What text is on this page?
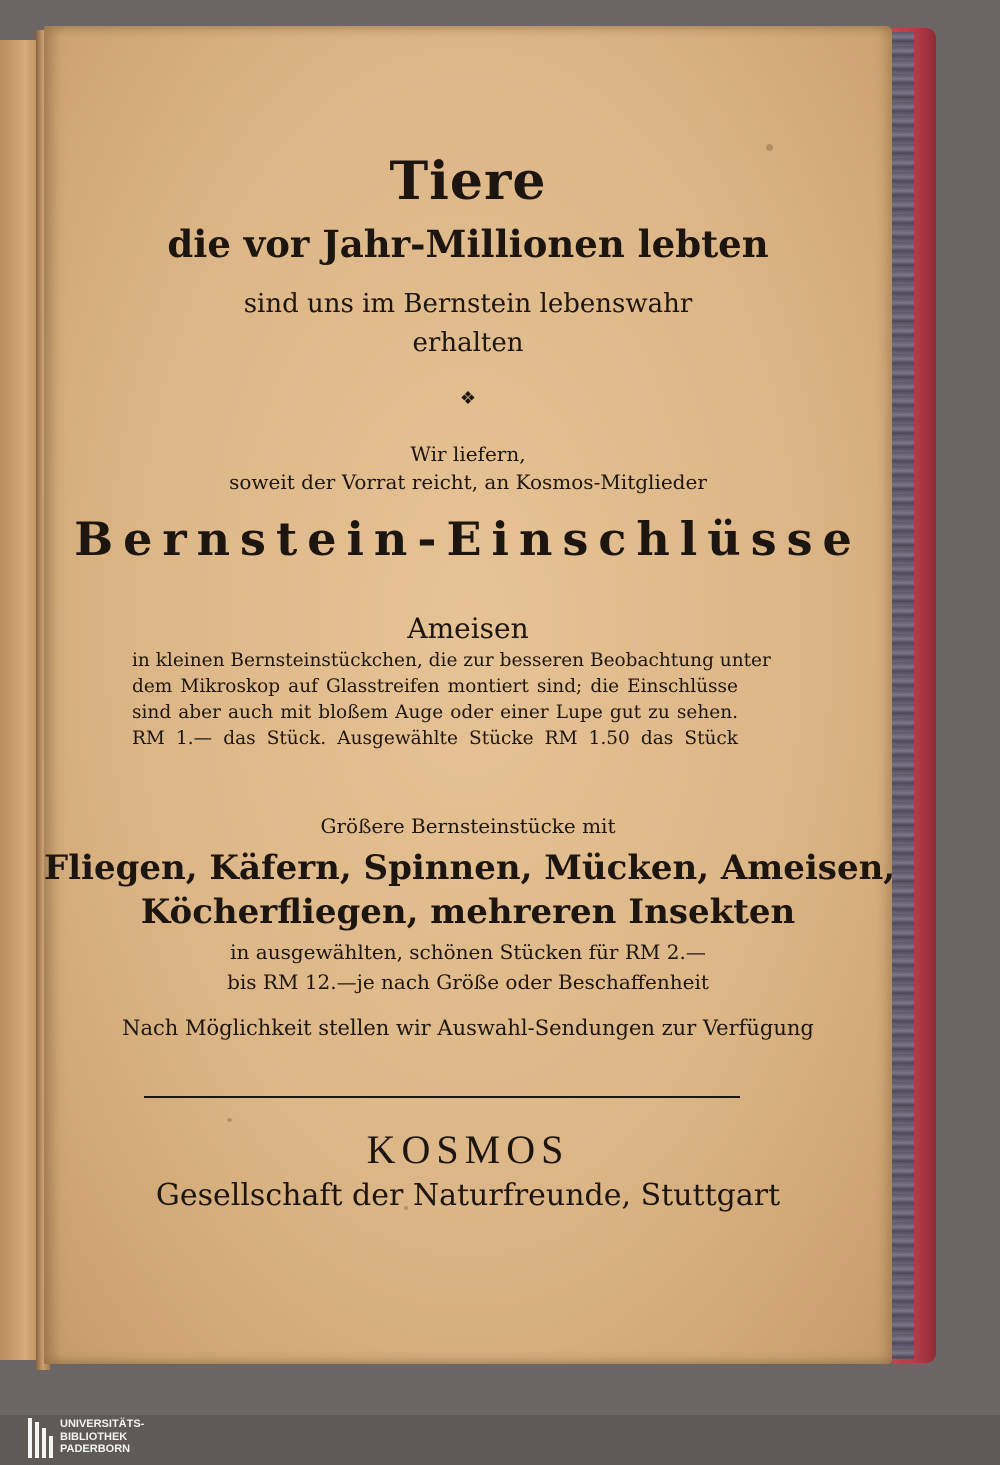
Tiere

die vor Jahr-Millionen lebten

sind uns im Bernstein lebenswahr

erhalten

❖

Wir liefern,

soweit der Vorrat reicht, an Kosmos-Mitglieder

Bernstein-Einschlüsse

Ameisen

in kleinen Bernsteinstückchen, die zur besseren Beobachtung unter

dem Mikroskop auf Glasstreifen montiert sind; die Einschlüsse

sind aber auch mit bloßem Auge oder einer Lupe gut zu sehen.

RM 1.— das Stück. Ausgewählte Stücke RM 1.50 das Stück

Größere Bernsteinstücke mit

Fliegen, Käfern, Spinnen, Mücken, Ameisen,

Köcherfliegen, mehreren Insekten

in ausgewählten, schönen Stücken für RM 2.—

bis RM 12.—je nach Größe oder Beschaffenheit

Nach Möglichkeit stellen wir Auswahl-Sendungen zur Verfügung

KOSMOS

Gesellschaft der Naturfreunde, Stuttgart

UNIVERSITÄTS-
BIBLIOTHEK
PADERBORN
